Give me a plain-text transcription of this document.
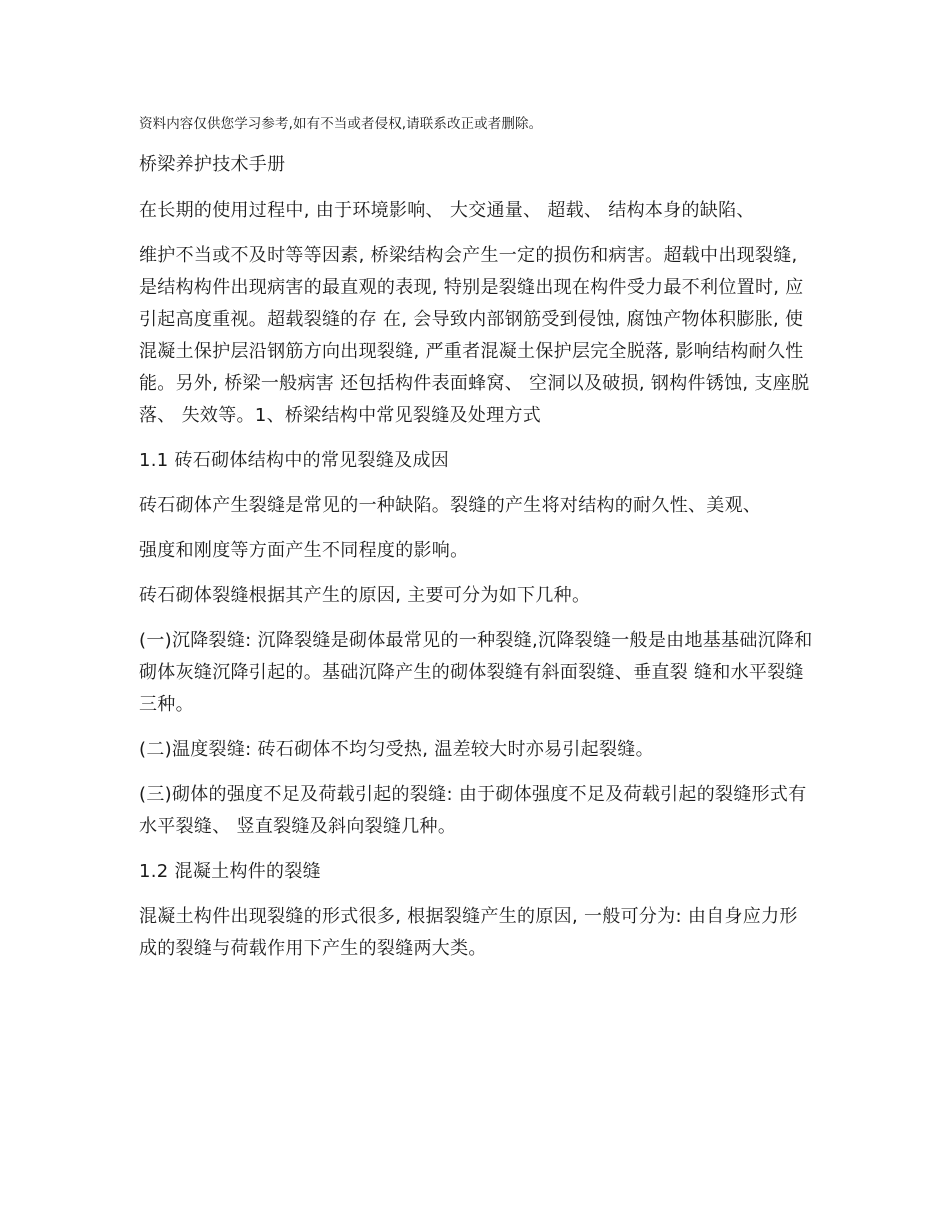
资料内容仅供您学习参考,如有不当或者侵权,请联系改正或者删除。

桥梁养护技术手册

在长期的使用过程中, 由于环境影响、 大交通量、 超载、 结构本身的缺陷、

维护不当或不及时等等因素, 桥梁结构会产生一定的损伤和病害。超载中出现裂缝, 是结构构件出现病害的最直观的表现, 特别是裂缝出现在构件受力最不利位置时, 应引起高度重视。超载裂缝的存 在, 会导致内部钢筋受到侵蚀, 腐蚀产物体积膨胀, 使混凝土保护层沿钢筋方向出现裂缝, 严重者混凝土保护层完全脱落, 影响结构耐久性能。另外, 桥梁一般病害 还包括构件表面蜂窝、 空洞以及破损, 钢构件锈蚀, 支座脱落、 失效等。1、桥梁结构中常见裂缝及处理方式

1.1 砖石砌体结构中的常见裂缝及成因

砖石砌体产生裂缝是常见的一种缺陷。裂缝的产生将对结构的耐久性、美观、

强度和刚度等方面产生不同程度的影响。

砖石砌体裂缝根据其产生的原因, 主要可分为如下几种。

(一)沉降裂缝: 沉降裂缝是砌体最常见的一种裂缝,沉降裂缝一般是由地基基础沉降和砌体灰缝沉降引起的。基础沉降产生的砌体裂缝有斜面裂缝、垂直裂 缝和水平裂缝三种。

(二)温度裂缝: 砖石砌体不均匀受热, 温差较大时亦易引起裂缝。

(三)砌体的强度不足及荷载引起的裂缝: 由于砌体强度不足及荷载引起的裂缝形式有水平裂缝、 竖直裂缝及斜向裂缝几种。

1.2 混凝土构件的裂缝

混凝土构件出现裂缝的形式很多, 根据裂缝产生的原因, 一般可分为: 由自身应力形成的裂缝与荷载作用下产生的裂缝两大类。
